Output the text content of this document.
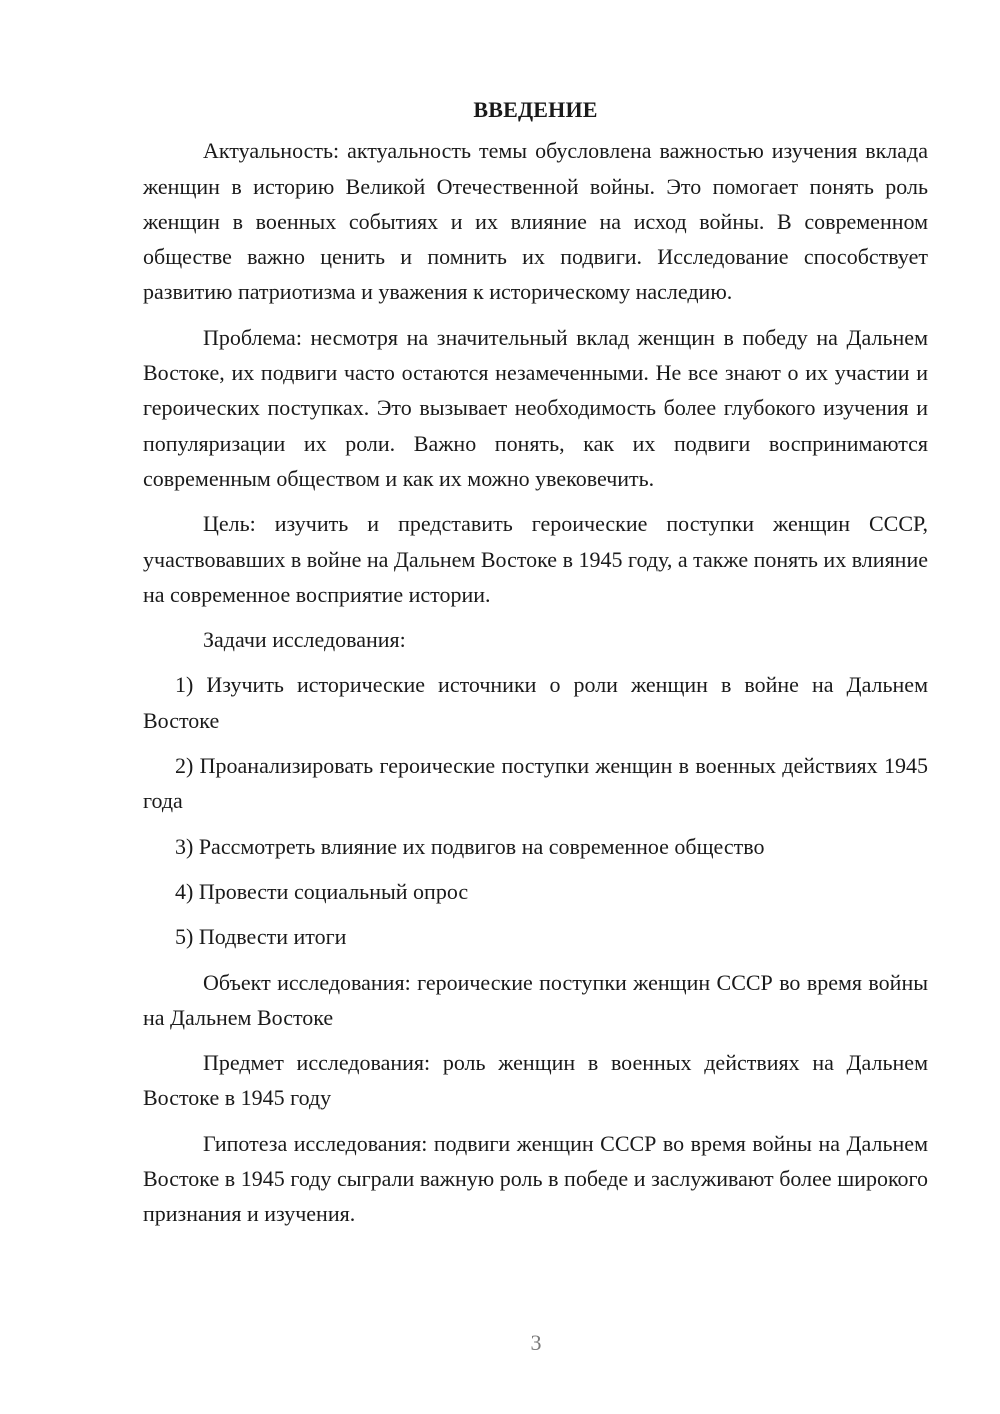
ВВЕДЕНИЕ

Актуальность: актуальность темы обусловлена важностью изучения вклада женщин в историю Великой Отечественной войны. Это помогает понять роль женщин в военных событиях и их влияние на исход войны. В современном обществе важно ценить и помнить их подвиги. Исследование способствует развитию патриотизма и уважения к историческому наследию.

Проблема: несмотря на значительный вклад женщин в победу на Дальнем Востоке, их подвиги часто остаются незамеченными. Не все знают о их участии и героических поступках. Это вызывает необходимость более глубокого изучения и популяризации их роли. Важно понять, как их подвиги воспринимаются современным обществом и как их можно увековечить.

Цель: изучить и представить героические поступки женщин СССР, участвовавших в войне на Дальнем Востоке в 1945 году, а также понять их влияние на современное восприятие истории.

Задачи исследования:

1) Изучить исторические источники о роли женщин в войне на Дальнем Востоке

2) Проанализировать героические поступки женщин в военных действиях 1945 года

3) Рассмотреть влияние их подвигов на современное общество

4) Провести социальный опрос

5) Подвести итоги

Объект исследования: героические поступки женщин СССР во время войны на Дальнем Востоке

Предмет исследования: роль женщин в военных действиях на Дальнем Востоке в 1945 году

Гипотеза исследования: подвиги женщин СССР во время войны на Дальнем Востоке в 1945 году сыграли важную роль в победе и заслуживают более широкого признания и изучения.

3
